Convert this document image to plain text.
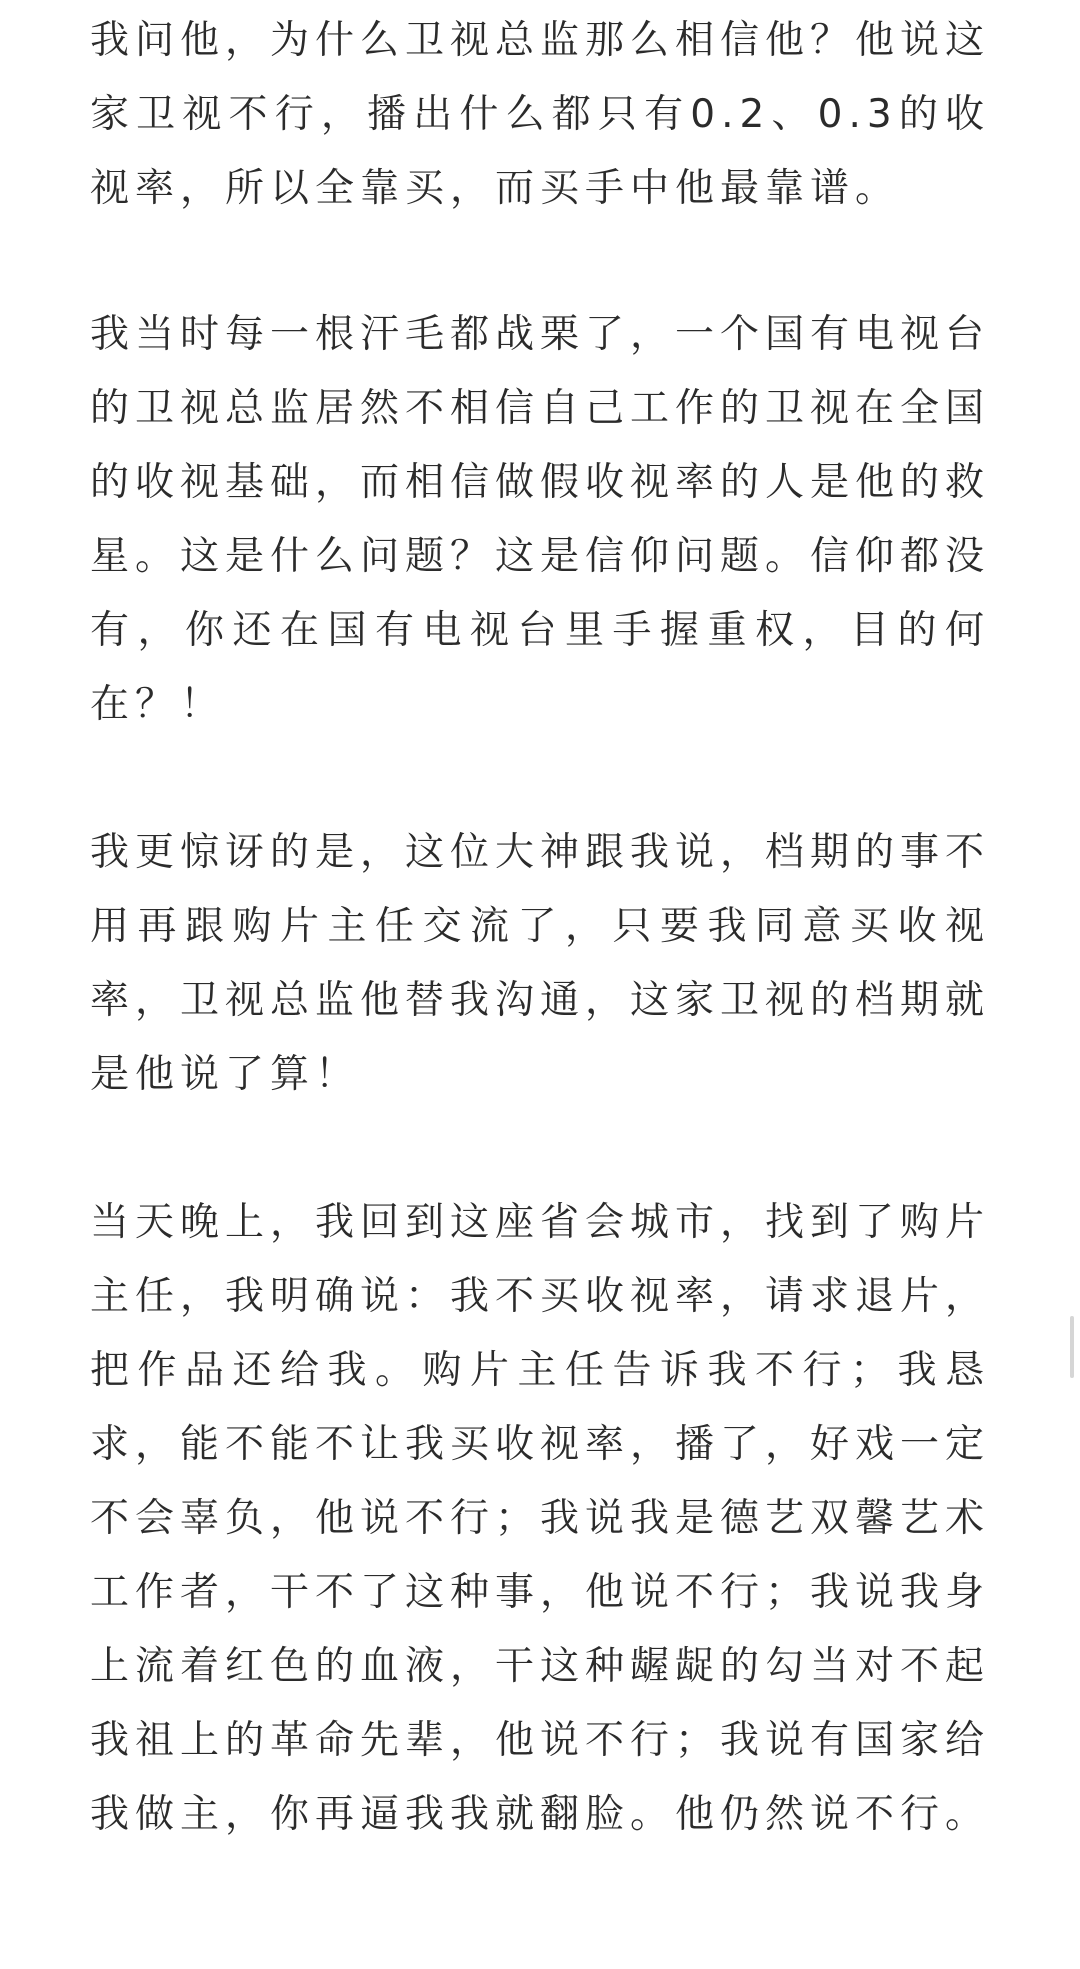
我问他，为什么卫视总监那么相信他？他说这家卫视不行，播出什么都只有0.2、0.3的收视率，所以全靠买，而买手中他最靠谱。

我当时每一根汗毛都战栗了，一个国有电视台的卫视总监居然不相信自己工作的卫视在全国的收视基础，而相信做假收视率的人是他的救星。这是什么问题？这是信仰问题。信仰都没有，你还在国有电视台里手握重权，目的何在？！

我更惊讶的是，这位大神跟我说，档期的事不用再跟购片主任交流了，只要我同意买收视率，卫视总监他替我沟通，这家卫视的档期就是他说了算！

当天晚上，我回到这座省会城市，找到了购片主任，我明确说：我不买收视率，请求退片，把作品还给我。购片主任告诉我不行；我恳求，能不能不让我买收视率，播了，好戏一定不会辜负，他说不行；我说我是德艺双馨艺术工作者，干不了这种事，他说不行；我说我身上流着红色的血液，干这种龌龊的勾当对不起我祖上的革命先辈，他说不行；我说有国家给我做主，你再逼我我就翻脸。他仍然说不行。
